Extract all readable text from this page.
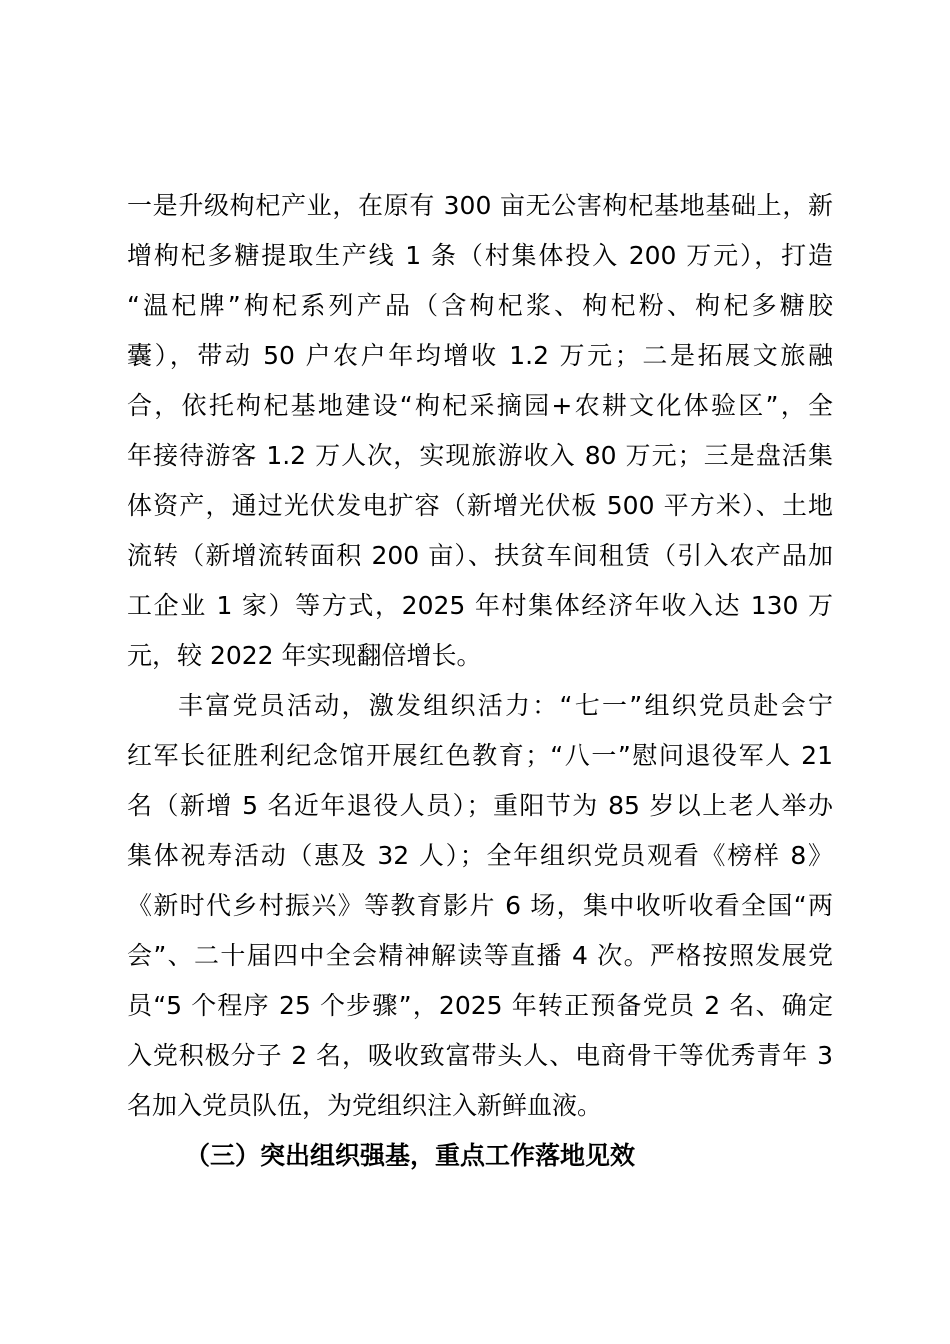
一是升级枸杞产业，在原有 300 亩无公害枸杞基地基础上，新
增枸杞多糖提取生产线 1 条（村集体投入 200 万元），打造
“温杞牌”枸杞系列产品（含枸杞浆、枸杞粉、枸杞多糖胶
囊），带动 50 户农户年均增收 1.2 万元；二是拓展文旅融
合，依托枸杞基地建设“枸杞采摘园+农耕文化体验区”，全
年接待游客 1.2 万人次，实现旅游收入 80 万元；三是盘活集
体资产，通过光伏发电扩容（新增光伏板 500 平方米）、土地
流转（新增流转面积 200 亩）、扶贫车间租赁（引入农产品加
工企业 1 家）等方式，2025 年村集体经济年收入达 130 万
元，较 2022 年实现翻倍增长。
丰富党员活动，激发组织活力：“七一”组织党员赴会宁
红军长征胜利纪念馆开展红色教育；“八一”慰问退役军人 21
名（新增 5 名近年退役人员）；重阳节为 85 岁以上老人举办
集体祝寿活动（惠及 32 人）；全年组织党员观看《榜样 8》
《新时代乡村振兴》等教育影片 6 场，集中收听收看全国“两
会”、二十届四中全会精神解读等直播 4 次。严格按照发展党
员“5 个程序 25 个步骤”，2025 年转正预备党员 2 名、确定
入党积极分子 2 名，吸收致富带头人、电商骨干等优秀青年 3
名加入党员队伍，为党组织注入新鲜血液。
（三）突出组织强基，重点工作落地见效
